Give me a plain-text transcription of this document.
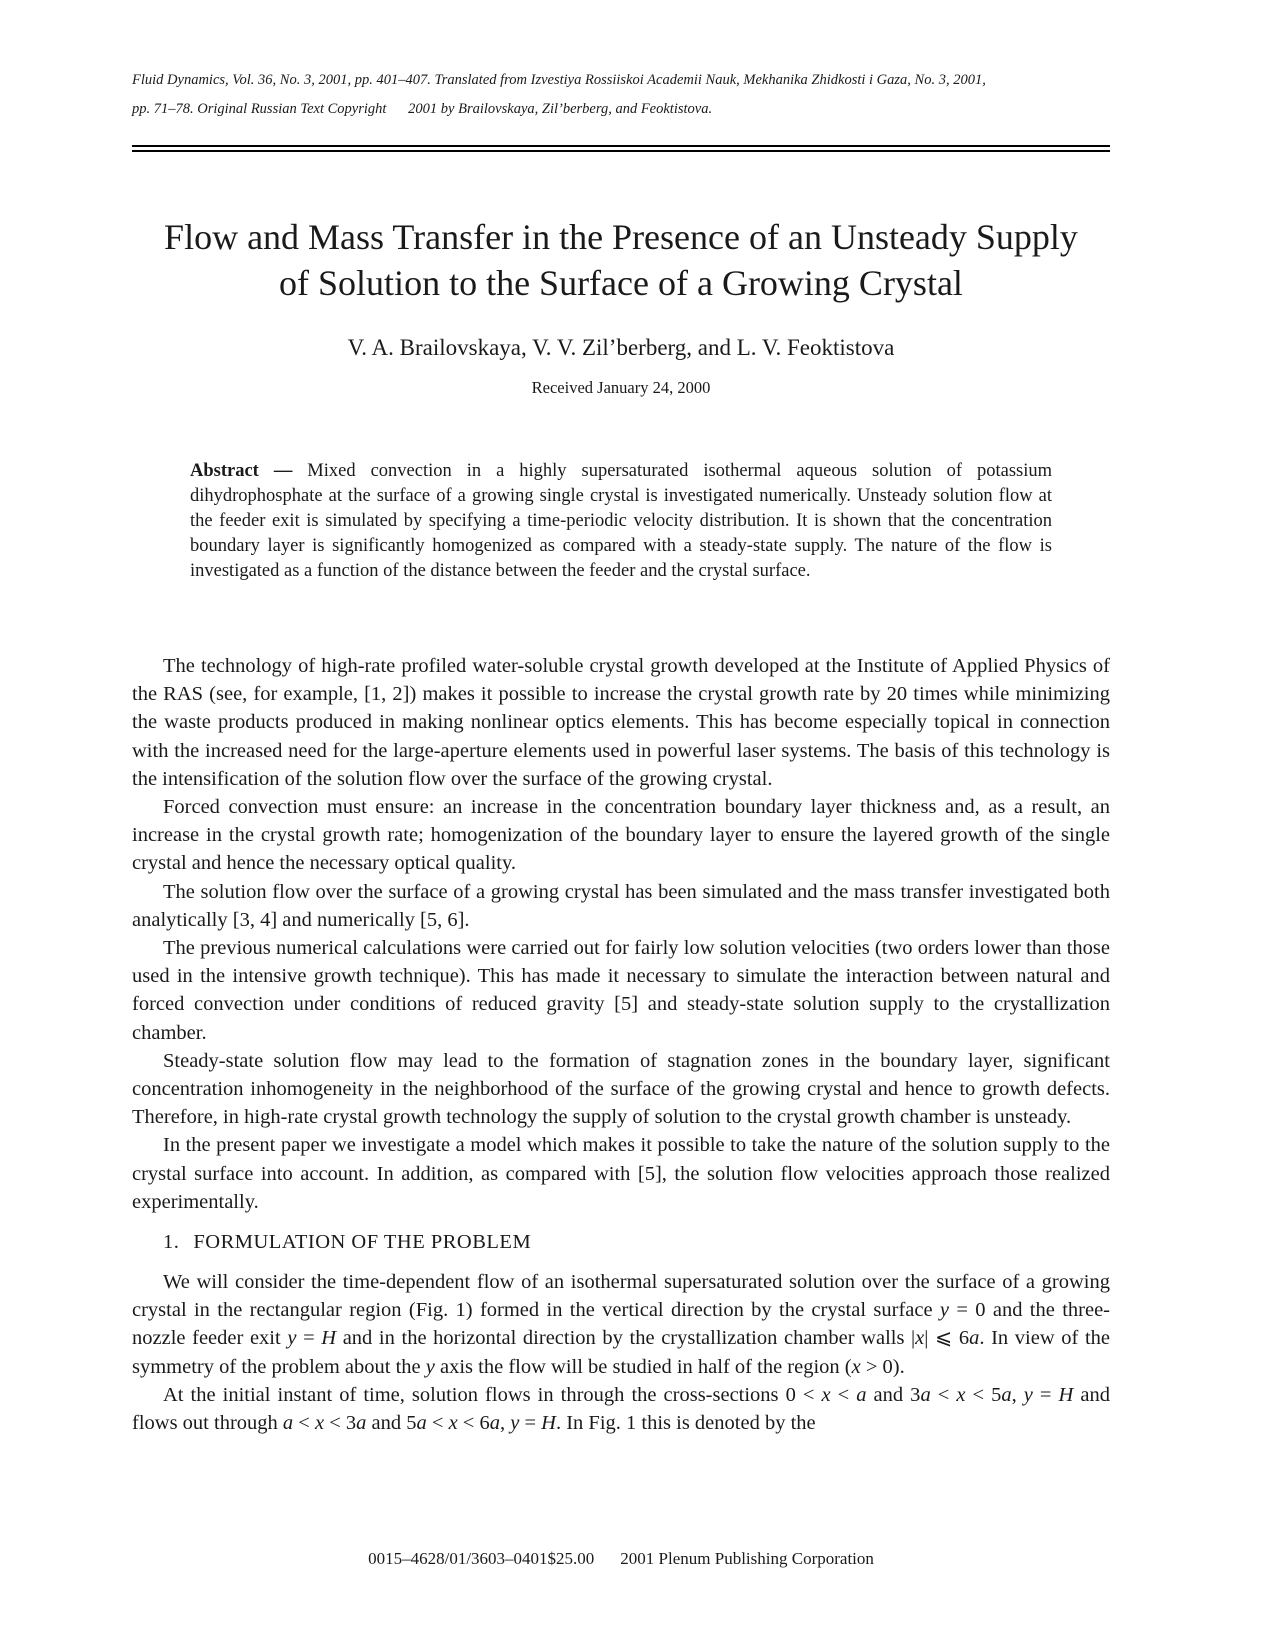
Fluid Dynamics, Vol. 36, No. 3, 2001, pp. 401–407. Translated from Izvestiya Rossiiskoi Academii Nauk, Mekhanika Zhidkosti i Gaza, No. 3, 2001,

pp. 71–78. Original Russian Text Copyright      2001 by Brailovskaya, Zil’berberg, and Feoktistova.

Flow and Mass Transfer in the Presence of an Unsteady Supply
of Solution to the Surface of a Growing Crystal
V. A. Brailovskaya, V. V. Zil’berberg, and L. V. Feoktistova
Received January 24, 2000

Abstract — Mixed convection in a highly supersaturated isothermal aqueous solution of potassium dihydrophosphate at the surface of a growing single crystal is investigated numerically. Unsteady solution flow at the feeder exit is simulated by specifying a time-periodic velocity distribution. It is shown that the concentration boundary layer is significantly homogenized as compared with a steady-state supply. The nature of the flow is investigated as a function of the distance between the feeder and the crystal surface.

The technology of high-rate profiled water-soluble crystal growth developed at the Institute of Applied Physics of the RAS (see, for example, [1, 2]) makes it possible to increase the crystal growth rate by 20 times while minimizing the waste products produced in making nonlinear optics elements. This has become especially topical in connection with the increased need for the large-aperture elements used in powerful laser systems. The basis of this technology is the intensification of the solution flow over the surface of the growing crystal.

Forced convection must ensure: an increase in the concentration boundary layer thickness and, as a result, an increase in the crystal growth rate; homogenization of the boundary layer to ensure the layered growth of the single crystal and hence the necessary optical quality.

The solution flow over the surface of a growing crystal has been simulated and the mass transfer investigated both analytically [3, 4] and numerically [5, 6].

The previous numerical calculations were carried out for fairly low solution velocities (two orders lower than those used in the intensive growth technique). This has made it necessary to simulate the interaction between natural and forced convection under conditions of reduced gravity [5] and steady-state solution supply to the crystallization chamber.

Steady-state solution flow may lead to the formation of stagnation zones in the boundary layer, significant concentration inhomogeneity in the neighborhood of the surface of the growing crystal and hence to growth defects. Therefore, in high-rate crystal growth technology the supply of solution to the crystal growth chamber is unsteady.

In the present paper we investigate a model which makes it possible to take the nature of the solution supply to the crystal surface into account. In addition, as compared with [5], the solution flow velocities approach those realized experimentally.

1. FORMULATION OF THE PROBLEM

We will consider the time-dependent flow of an isothermal supersaturated solution over the surface of a growing crystal in the rectangular region (Fig. 1) formed in the vertical direction by the crystal surface y = 0 and the three-nozzle feeder exit y = H and in the horizontal direction by the crystallization chamber walls |x| ⩽ 6a. In view of the symmetry of the problem about the y axis the flow will be studied in half of the region (x > 0).

At the initial instant of time, solution flows in through the cross-sections 0 < x < a and 3a < x < 5a, y = H and flows out through a < x < 3a and 5a < x < 6a, y = H. In Fig. 1 this is denoted by the

0015–4628/01/3603–0401$25.00 2001 Plenum Publishing Corporation
